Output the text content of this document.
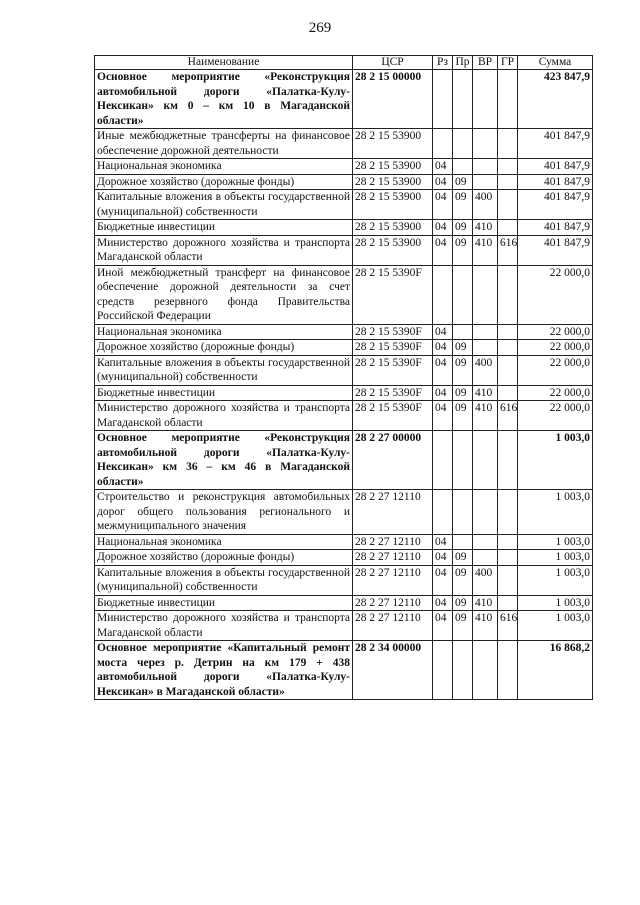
269
Наименование	ЦСР	Рз	Пр	ВР	ГР	Сумма
Основное мероприятие «Реконструкция автомобильной дороги «Палатка-Кулу-Нексикан» км 0 – км 10 в Магаданской области»	28 2 15 00000					423 847,9
Иные межбюджетные трансферты на финансовое обеспечение дорожной деятельности	28 2 15 53900					401 847,9
Национальная экономика	28 2 15 53900	04				401 847,9
Дорожное хозяйство (дорожные фонды)	28 2 15 53900	04	09			401 847,9
Капитальные вложения в объекты государственной (муниципальной) собственности	28 2 15 53900	04	09	400		401 847,9
Бюджетные инвестиции	28 2 15 53900	04	09	410		401 847,9
Министерство дорожного хозяйства и транспорта Магаданской области	28 2 15 53900	04	09	410	616	401 847,9
Иной межбюджетный трансферт на финансовое обеспечение дорожной деятельности за счет средств резервного фонда Правительства Российской Федерации	28 2 15 5390F					22 000,0
Национальная экономика	28 2 15 5390F	04				22 000,0
Дорожное хозяйство (дорожные фонды)	28 2 15 5390F	04	09			22 000,0
Капитальные вложения в объекты государственной (муниципальной) собственности	28 2 15 5390F	04	09	400		22 000,0
Бюджетные инвестиции	28 2 15 5390F	04	09	410		22 000,0
Министерство дорожного хозяйства и транспорта Магаданской области	28 2 15 5390F	04	09	410	616	22 000,0
Основное мероприятие «Реконструкция автомобильной дороги «Палатка-Кулу-Нексикан» км 36 – км 46 в Магаданской области»	28 2 27 00000					1 003,0
Строительство и реконструкция автомобильных дорог общего пользования регионального и межмуниципального значения	28 2 27 12110					1 003,0
Национальная экономика	28 2 27 12110	04				1 003,0
Дорожное хозяйство (дорожные фонды)	28 2 27 12110	04	09			1 003,0
Капитальные вложения в объекты государственной (муниципальной) собственности	28 2 27 12110	04	09	400		1 003,0
Бюджетные инвестиции	28 2 27 12110	04	09	410		1 003,0
Министерство дорожного хозяйства и транспорта Магаданской области	28 2 27 12110	04	09	410	616	1 003,0
Основное мероприятие «Капитальный ремонт моста через р. Детрин на км 179 + 438 автомобильной дороги «Палатка-Кулу-Нексикан» в Магаданской области»	28 2 34 00000					16 868,2
